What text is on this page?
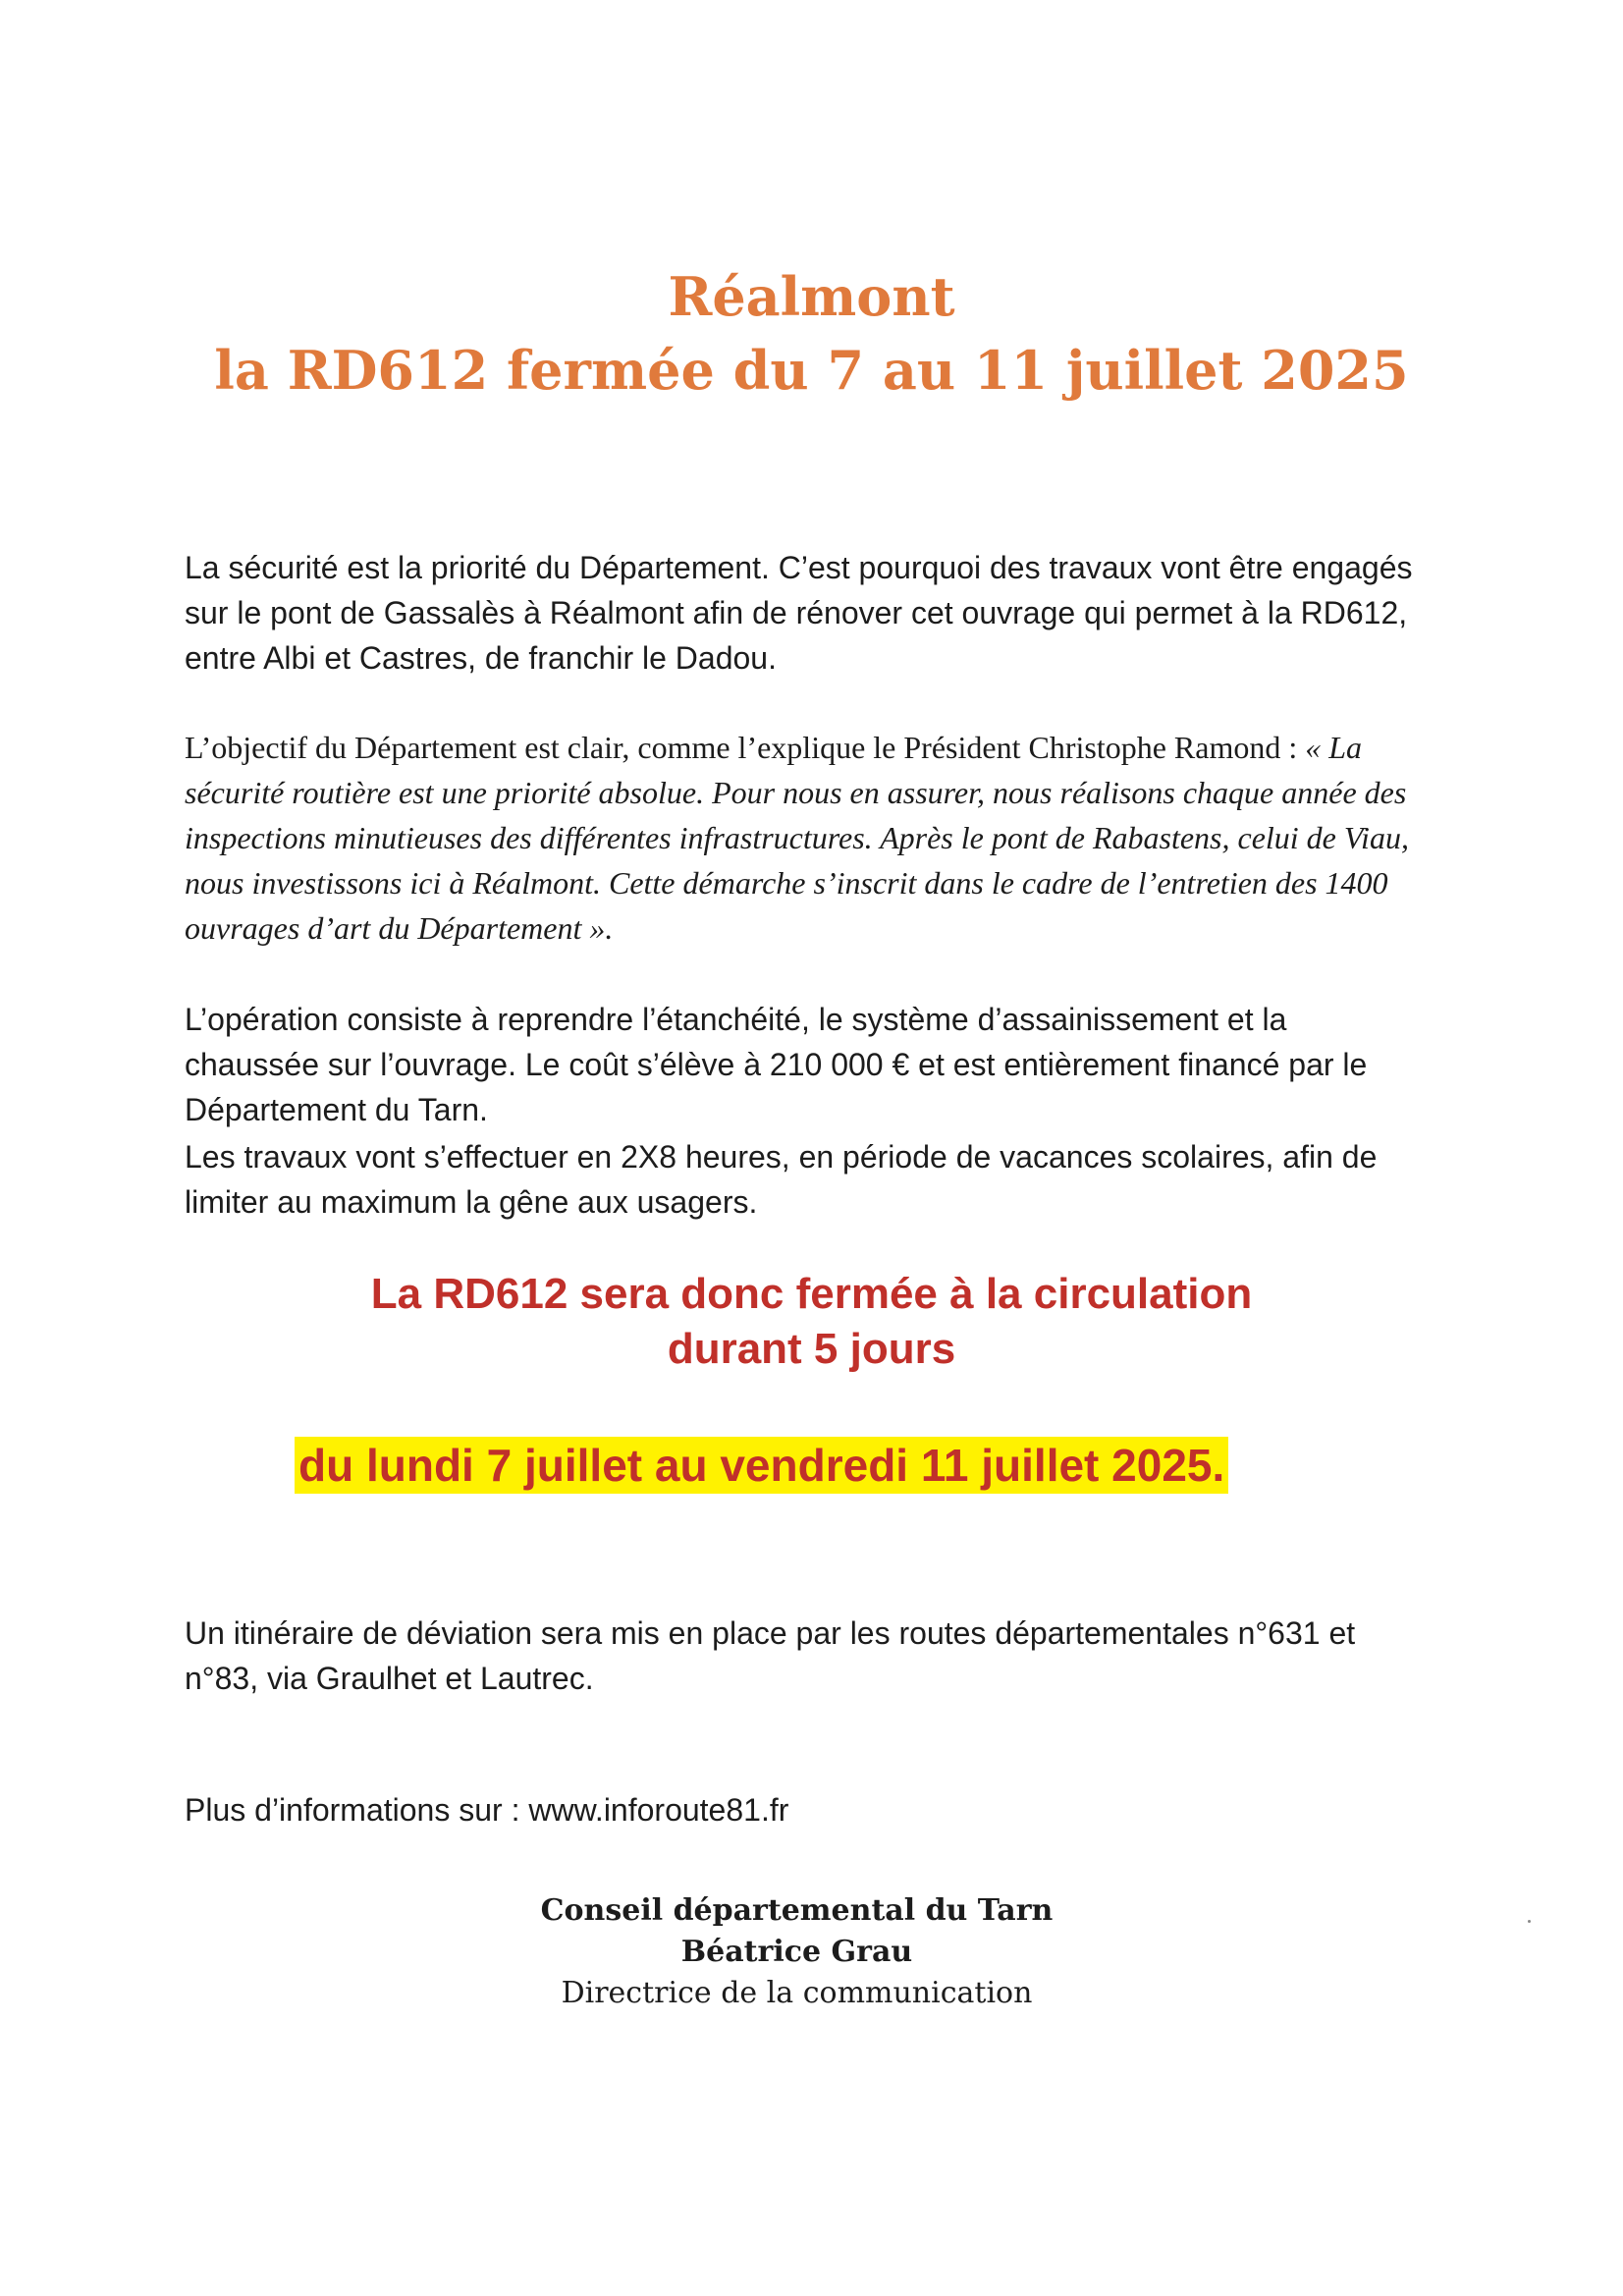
Réalmont
la RD612 fermée du 7 au 11 juillet 2025

La sécurité est la priorité du Département. C’est pourquoi des travaux vont être engagés sur le pont de Gassalès à Réalmont afin de rénover cet ouvrage qui permet à la RD612, entre Albi et Castres, de franchir le Dadou.

L’objectif du Département est clair, comme l’explique le Président Christophe Ramond : « La sécurité routière est une priorité absolue. Pour nous en assurer, nous réalisons chaque année des inspections minutieuses des différentes infrastructures. Après le pont de Rabastens, celui de Viau, nous investissons ici à Réalmont. Cette démarche s’inscrit dans le cadre de l’entretien des 1400 ouvrages d’art du Département ».

L’opération consiste à reprendre l’étanchéité, le système d’assainissement et la chaussée sur l’ouvrage. Le coût s’élève à 210 000 € et est entièrement financé par le Département du Tarn.

Les travaux vont s’effectuer en 2X8 heures, en période de vacances scolaires, afin de limiter au maximum la gêne aux usagers.

La RD612 sera donc fermée à la circulation
durant 5 jours
du lundi 7 juillet au vendredi 11 juillet 2025.

Un itinéraire de déviation sera mis en place par les routes départementales n°631 et n°83, via Graulhet et Lautrec.

Plus d’informations sur : www.inforoute81.fr

Conseil départemental du Tarn
Béatrice Grau
Directrice de la communication
